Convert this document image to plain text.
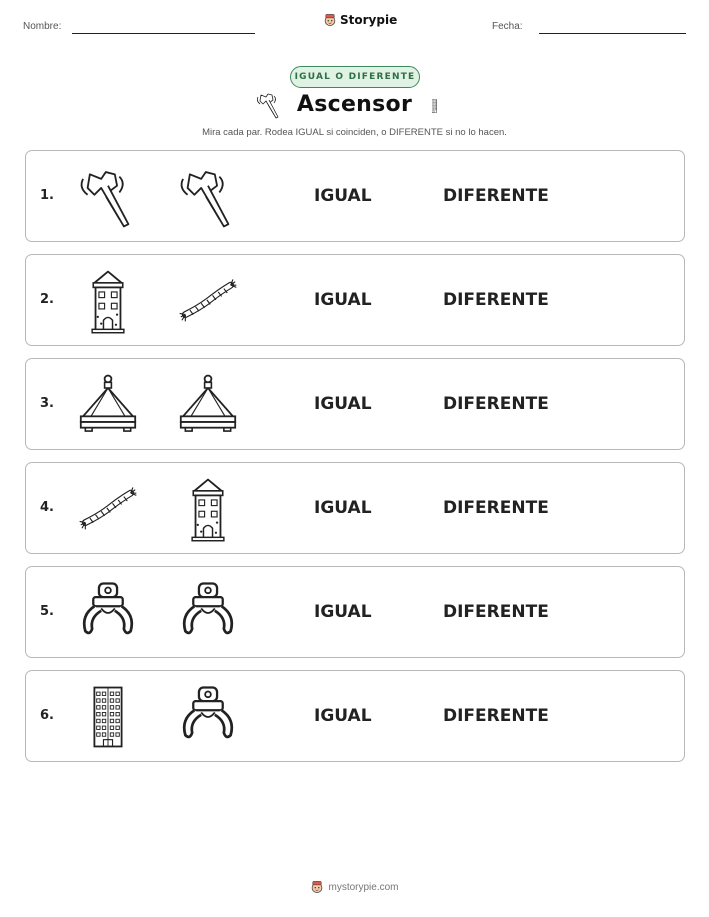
Nombre:	Storypie	Fecha:
IGUAL O DIFERENTE
Ascensor
Mira cada par. Rodea IGUAL si coinciden, o DIFERENTE si no lo hacen.
1.	IGUAL	DIFERENTE
2.	IGUAL	DIFERENTE
3.	IGUAL	DIFERENTE
4.	IGUAL	DIFERENTE
5.	IGUAL	DIFERENTE
6.	IGUAL	DIFERENTE
mystorypie.com
